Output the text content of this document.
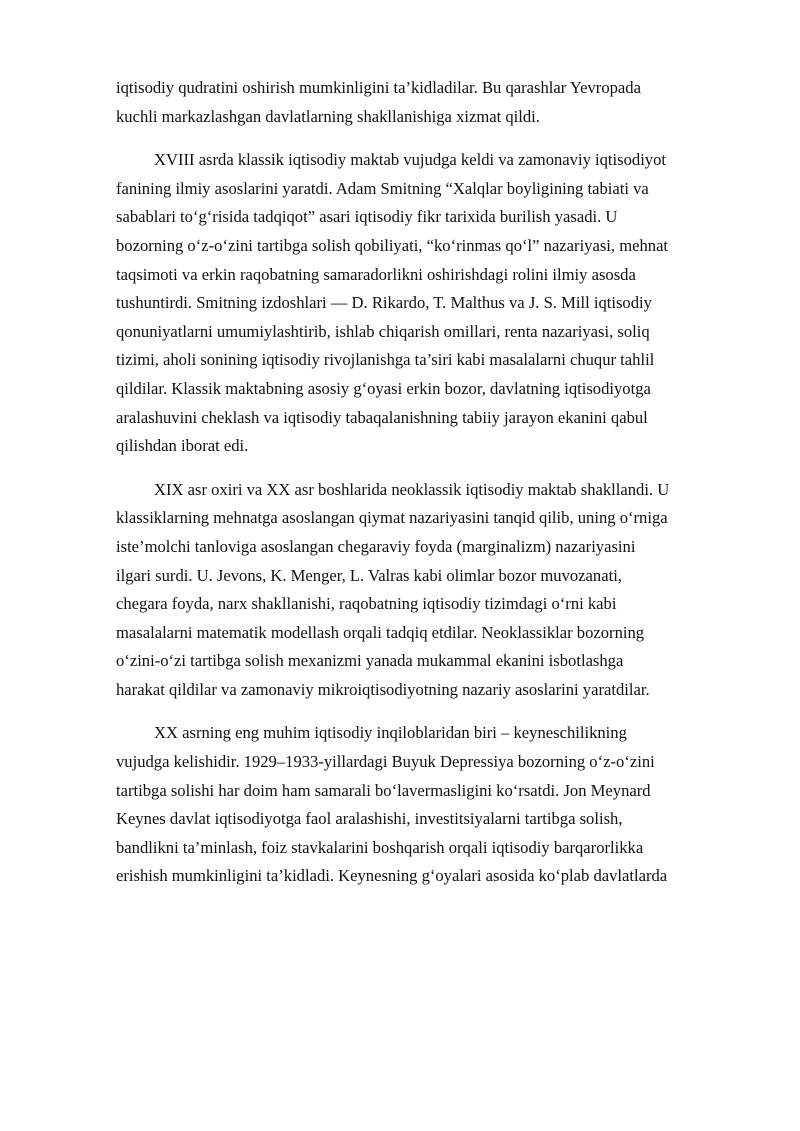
iqtisodiy qudratini oshirish mumkinligini ta’kidladilar. Bu qarashlar Yevropada
kuchli markazlashgan davlatlarning shakllanishiga xizmat qildi.
XVIII asrda klassik iqtisodiy maktab vujudga keldi va zamonaviy iqtisodiyot
fanining ilmiy asoslarini yaratdi. Adam Smitning “Xalqlar boyligining tabiati va
sabablari to‘g‘risida tadqiqot” asari iqtisodiy fikr tarixida burilish yasadi. U
bozorning o‘z-o‘zini tartibga solish qobiliyati, “ko‘rinmas qo‘l” nazariyasi, mehnat
taqsimoti va erkin raqobatning samaradorlikni oshirishdagi rolini ilmiy asosda
tushuntirdi. Smitning izdoshlari — D. Rikardo, T. Malthus va J. S. Mill iqtisodiy
qonuniyatlarni umumiylashtirib, ishlab chiqarish omillari, renta nazariyasi, soliq
tizimi, aholi sonining iqtisodiy rivojlanishga ta’siri kabi masalalarni chuqur tahlil
qildilar. Klassik maktabning asosiy g‘oyasi erkin bozor, davlatning iqtisodiyotga
aralashuvini cheklash va iqtisodiy tabaqalanishning tabiiy jarayon ekanini qabul
qilishdan iborat edi.
XIX asr oxiri va XX asr boshlarida neoklassik iqtisodiy maktab shakllandi. U
klassiklarning mehnatga asoslangan qiymat nazariyasini tanqid qilib, uning o‘rniga
iste’molchi tanloviga asoslangan chegaraviy foyda (marginalizm) nazariyasini
ilgari surdi. U. Jevons, K. Menger, L. Valras kabi olimlar bozor muvozanati,
chegara foyda, narx shakllanishi, raqobatning iqtisodiy tizimdagi o‘rni kabi
masalalarni matematik modellash orqali tadqiq etdilar. Neoklassiklar bozorning
o‘zini-o‘zi tartibga solish mexanizmi yanada mukammal ekanini isbotlashga
harakat qildilar va zamonaviy mikroiqtisodiyotning nazariy asoslarini yaratdilar.
XX asrning eng muhim iqtisodiy inqiloblaridan biri – keyneschilikning
vujudga kelishidir. 1929–1933-yillardagi Buyuk Depressiya bozorning o‘z-o‘zini
tartibga solishi har doim ham samarali bo‘lavermasligini ko‘rsatdi. Jon Meynard
Keynes davlat iqtisodiyotga faol aralashishi, investitsiyalarni tartibga solish,
bandlikni ta’minlash, foiz stavkalarini boshqarish orqali iqtisodiy barqarorlikka
erishish mumkinligini ta’kidladi. Keynesning g‘oyalari asosida ko‘plab davlatlarda
